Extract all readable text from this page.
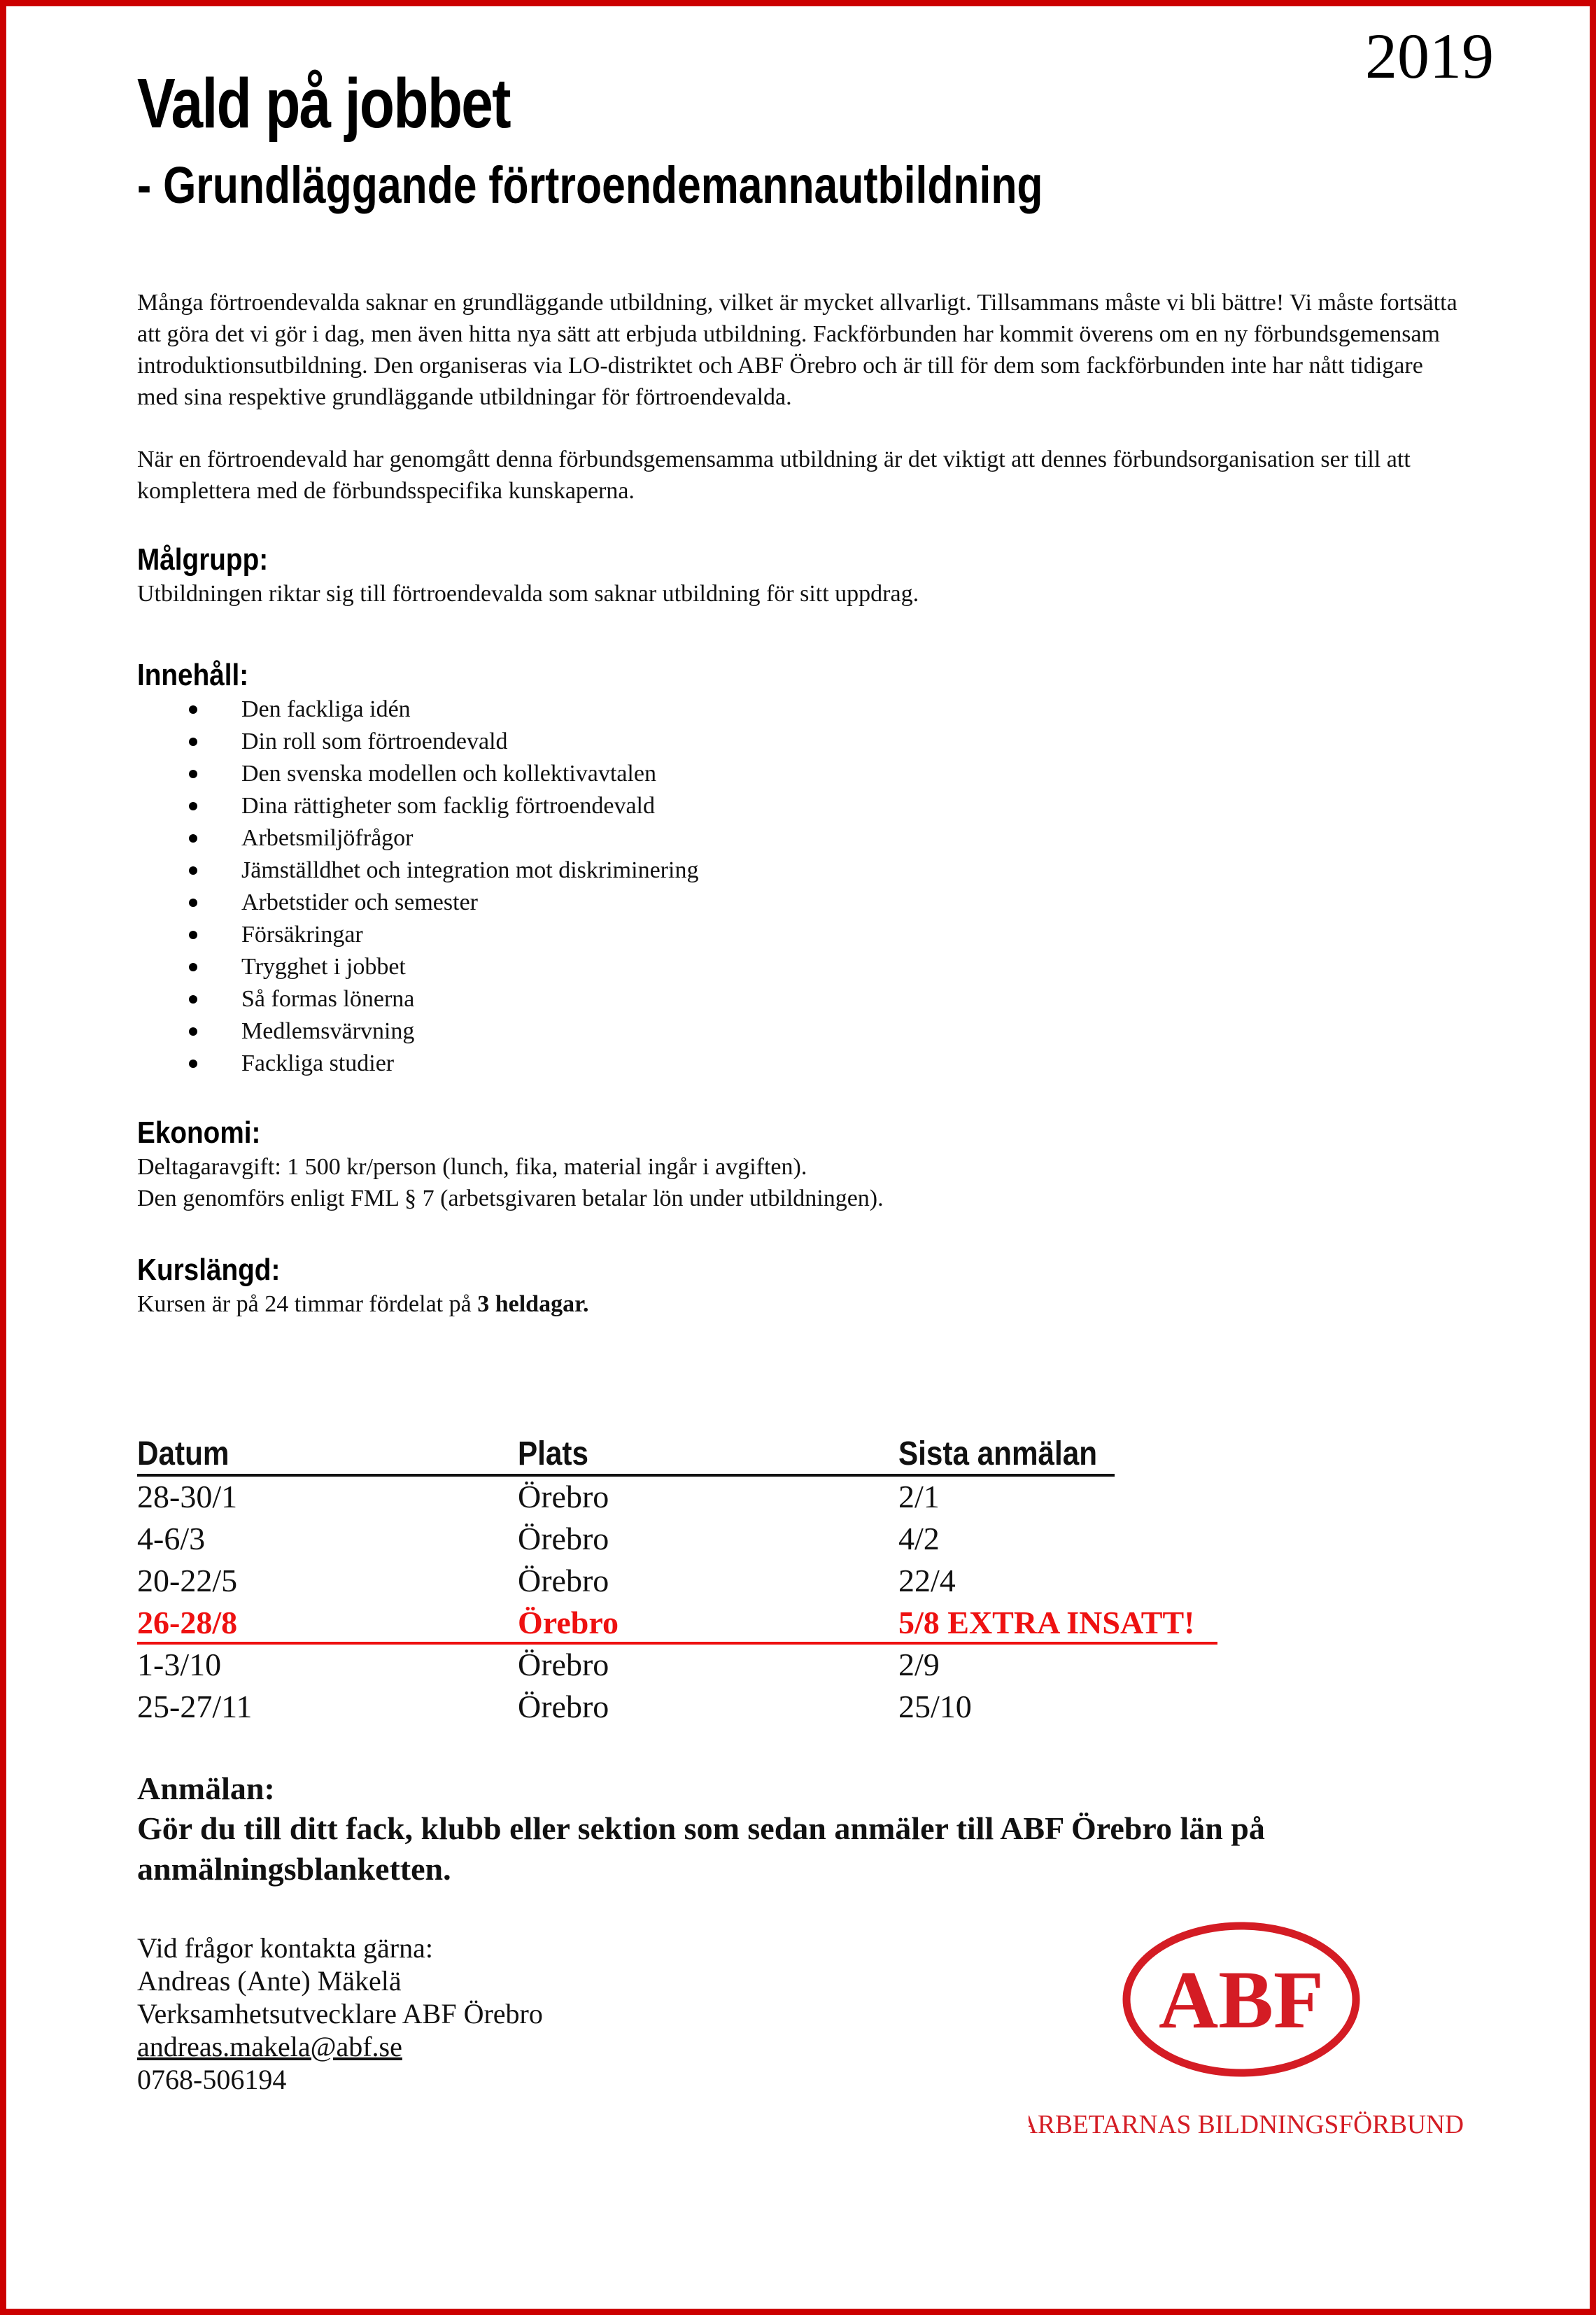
2019
Vald på jobbet
- Grundläggande förtroendemannautbildning

Många förtroendevalda saknar en grundläggande utbildning, vilket är mycket allvarligt. Tillsammans måste vi bli bättre! Vi måste fortsätta att göra det vi gör i dag, men även hitta nya sätt att erbjuda utbildning. Fackförbunden har kommit överens om en ny förbundsgemensam introduktionsutbildning. Den organiseras via LO-distriktet och ABF Örebro och är till för dem som fackförbunden inte har nått tidigare med sina respektive grundläggande utbildningar för förtroendevalda.

När en förtroendevald har genomgått denna förbundsgemensamma utbildning är det viktigt att dennes förbundsorganisation ser till att komplettera med de förbundsspecifika kunskaperna.

Målgrupp:

Utbildningen riktar sig till förtroendevalda som saknar utbildning för sitt uppdrag.

Innehåll:
Den fackliga idén
Din roll som förtroendevald
Den svenska modellen och kollektivavtalen
Dina rättigheter som facklig förtroendevald
Arbetsmiljöfrågor
Jämställdhet och integration mot diskriminering
Arbetstider och semester
Försäkringar
Trygghet i jobbet
Så formas lönerna
Medlemsvärvning
Fackliga studier
Ekonomi:

Deltagaravgift: 1 500 kr/person (lunch, fika, material ingår i avgiften).

Den genomförs enligt FML § 7 (arbetsgivaren betalar lön under utbildningen).

Kurslängd:

Kursen är på 24 timmar fördelat på 3 heldagar.

Datum	Plats	Sista anmälan
28-30/1	Örebro	2/1
4-6/3	Örebro	4/2
20-22/5	Örebro	22/4
26-28/8	Örebro	5/8 EXTRA INSATT!
1-3/10	Örebro	2/9
25-27/11	Örebro	25/10

Anmälan:

Gör du till ditt fack, klubb eller sektion som sedan anmäler till ABF Örebro län på anmälningsblanketten.

Vid frågor kontakta gärna:
Andreas (Ante) Mäkelä
Verksamhetsutvecklare ABF Örebro
andreas.makela@abf.se
0768-506194
ABF
ARBETARNAS BILDNINGSFÖRBUND
